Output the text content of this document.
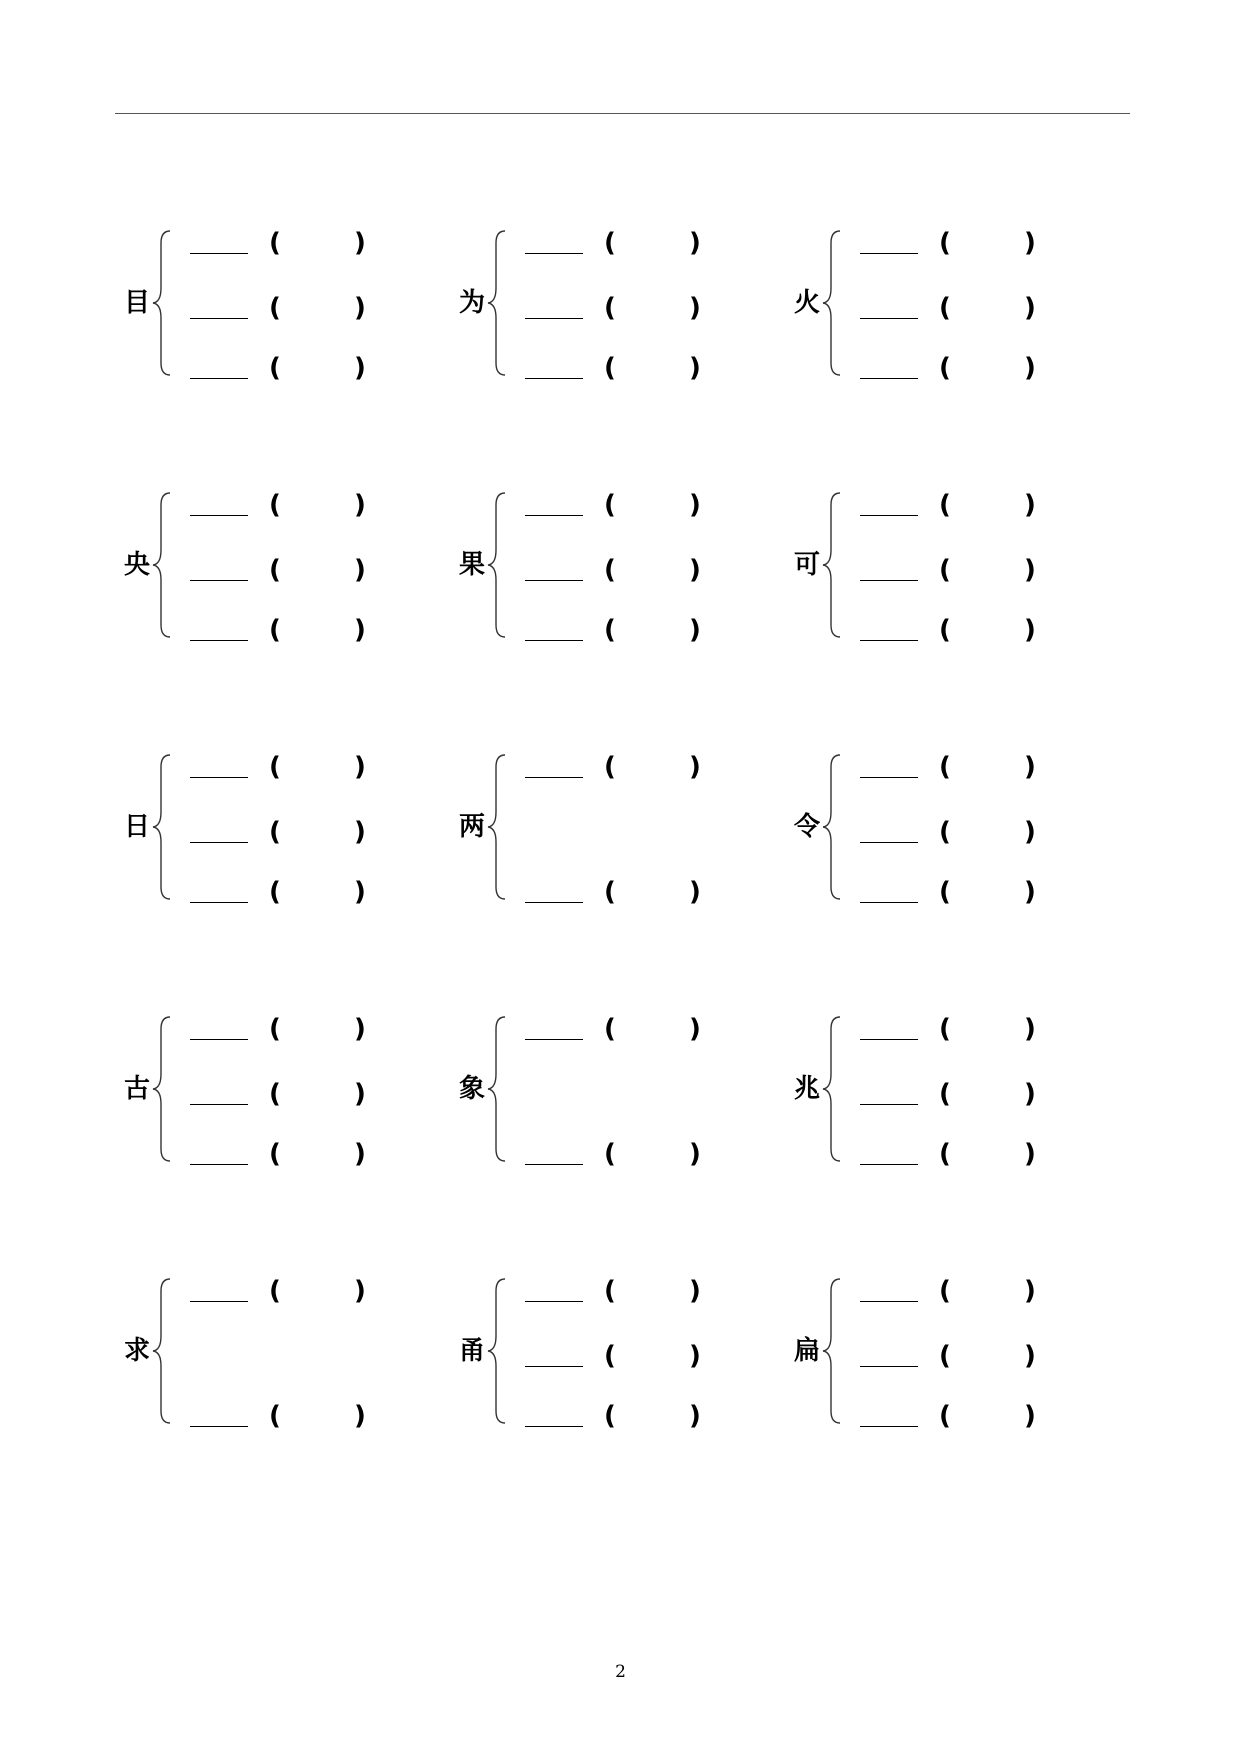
目
(	)
(	)
(	)
为
(	)
(	)
(	)
火
(	)
(	)
(	)
央
(	)
(	)
(	)
果
(	)
(	)
(	)
可
(	)
(	)
(	)
日
(	)
(	)
(	)
两
(	)
(	)
令
(	)
(	)
(	)
古
(	)
(	)
(	)
象
(	)
(	)
兆
(	)
(	)
(	)
求
(	)
(	)
甬
(	)
(	)
(	)
扁
(	)
(	)
(	)
2
